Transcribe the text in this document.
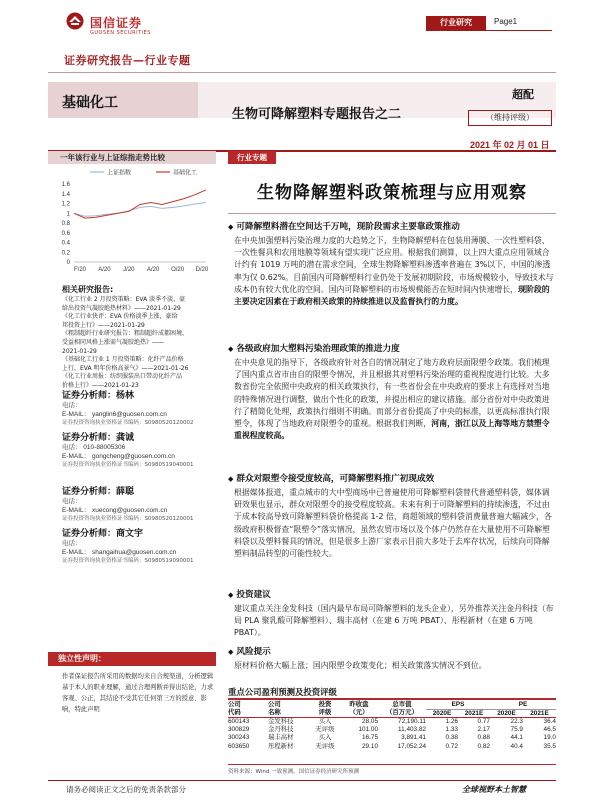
国信证券
GUOSEN SECURITIES
行业研究	Page1
证券研究报告—行业专题
基础化工
生物可降解塑料专题报告之二
超配
（维持评级）
2021 年 02 月 01 日
一年该行业与上证综指走势比较
上证指数	基础化工
0
0.2
0.4
0.6
0.8
1
1.2
1.4
1.6
F/20 A/20 J/20 A/20 O/20 D/20
相关研究报告:
《化工行业 2 月投资策略：EVA 淡季不淡，豪
给出投资气凝胶绝热材料》——2021-01-29
《化工行业快评：EVA 价格淡季上涨，豪给
邦投资上行》——2021-01-29
《粗制超纤行业研究报告：粗制超纤成都困境，
受益相同风格上涨需气凝胶绝热》——
2021-01-29
《基础化工行业 1 月投资策略：化纤产品价格
上行，EVA 明年价格高景气》——2021-01-26
《化工行业周报：纺织服装出口带动化纤产品
价格上行》——2021-01-23
证券分析师：杨林
电话：
E-MAIL： yanglin6@guosen.com.cn
证券投资咨询执业资格证书编码：S0980520120002
证券分析师：龚诚
电话： 010-88005306
E-MAIL： gongcheng@guosen.com.cn
证券投资咨询执业资格证书编码：S0980519040001
证券分析师：薛聪
电话：
E-MAIL： xuecong@guosen.com.cn
证券投资咨询执业资格证书编码：S0980520120001
证券分析师：商文宇
电话：
E-MAIL： shangaihua@guosen.com.cn
证券投资咨询执业资格证书编码：S0980519090001
独立性声明：
作者保证报告所采用的数据均来自合规渠道，分析逻辑基于本人的职业理解，通过合理判断并得出结论，力求客观、公正，其结论不受其它任何第三方的授意、影响，特此声明
行业专题
生物降解塑料政策梳理与应用观察
◆ 可降解塑料潜在空间达千万吨，现阶段需求主要靠政策推动
在中央加强塑料污染治理力度的大趋势之下，生物降解塑料在包装用薄膜、一次性塑料袋、一次性餐具和农用地膜等领域有望实现广泛应用。根据我们测算，以上四大重点应用领域合计约有 1019 万吨的潜在需求空间，全球生物降解塑料渗透率普遍在 3%以下，中国的渗透率为仅 0.62%。目前国内可降解塑料行业仍处于发展初期阶段，市场规模较小，导致技术与成本仍有较大优化的空间。国内可降解塑料的市场规模能否在短时间内快速增长，现阶段的主要决定因素在于政府相关政策的持续推进以及监督执行的力度。
◆ 各级政府加大塑料污染治理政策的推进力度
在中央意见的指导下，各级政府针对各自的情况制定了地方政府层面限塑令政策。我们梳理了国内重点省市由自的限塑令情况，并且根据其对塑料污染治理的重视程度进行比较。大多数省份完全依照中央政府的相关政策执行，有一些省份会在中央政府的要求上有选择对当地的特殊情况进行调整，做出个性化的政策，并提出相应的建议措施。部分省份对中央政策进行了精简化处理，政策执行细则不明确。而部分省份提高了中央的标准，以更高标准执行限塑令，体现了当地政府对限塑令的重视。根据我们判断，河南，浙江以及上海等地方禁塑令重视程度较高。
◆ 群众对限塑令接受度较高，可降解塑料推广初现成效
根据媒体报道，重点城市的大中型商场中已普遍使用可降解塑料袋替代普通塑料袋，媒体调研效果也显示，群众对限塑令的接受程度较高。未来有利于可降解塑料的持续渗透，不过由于成本较高导致可降解塑料袋价格提高 1-2 倍，商超领域的塑料袋消费量普遍大幅减少，各级政府积极督查“限塑令”落实情况，虽然农贸市场以及个体户仍然存在大量使用不可降解塑料袋以及塑料餐具的情况，但是很多上游厂家表示目前大多处于去库存状况，后续向可降解塑料制品转型的可能性较大。
◆ 投资建议
建议重点关注金发科技（国内最早布局可降解塑料的龙头企业），另外推荐关注金丹科技（布局 PLA 聚乳酸可降解塑料）、瑞丰高材（在建 6 万吨 PBAT）、彤程新材（在建 6 万吨 PBAT）。
◆ 风险提示
原材料价格大幅上涨；国内限塑令政策变化；相关政策落实情况不到位。
重点公司盈利预测及投资评级
公司	公司	投资	昨收盘	总市值	EPS		PE	
代码	名称	评级	（元）	（百万元）	2020E	2021E	2020E	2021E
600143	金发科技	买入	28.05	72,190.11	1.26	0.77	22.3	36.4
300829	金丹科技	无评级	101.00	11,403.82	1.33	2.17	75.9	46.5
300243	瑞丰高材	买入	16.75	3,891.41	0.38	0.88	44.1	19.0
603650	彤程新材	无评级	29.10	17,052.24	0.72	0.82	40.4	35.5
资料来源：Wind 一致预测，国信证券经济研究所预测
请务必阅读正文之后的免责条款部分	全球视野本土智慧
